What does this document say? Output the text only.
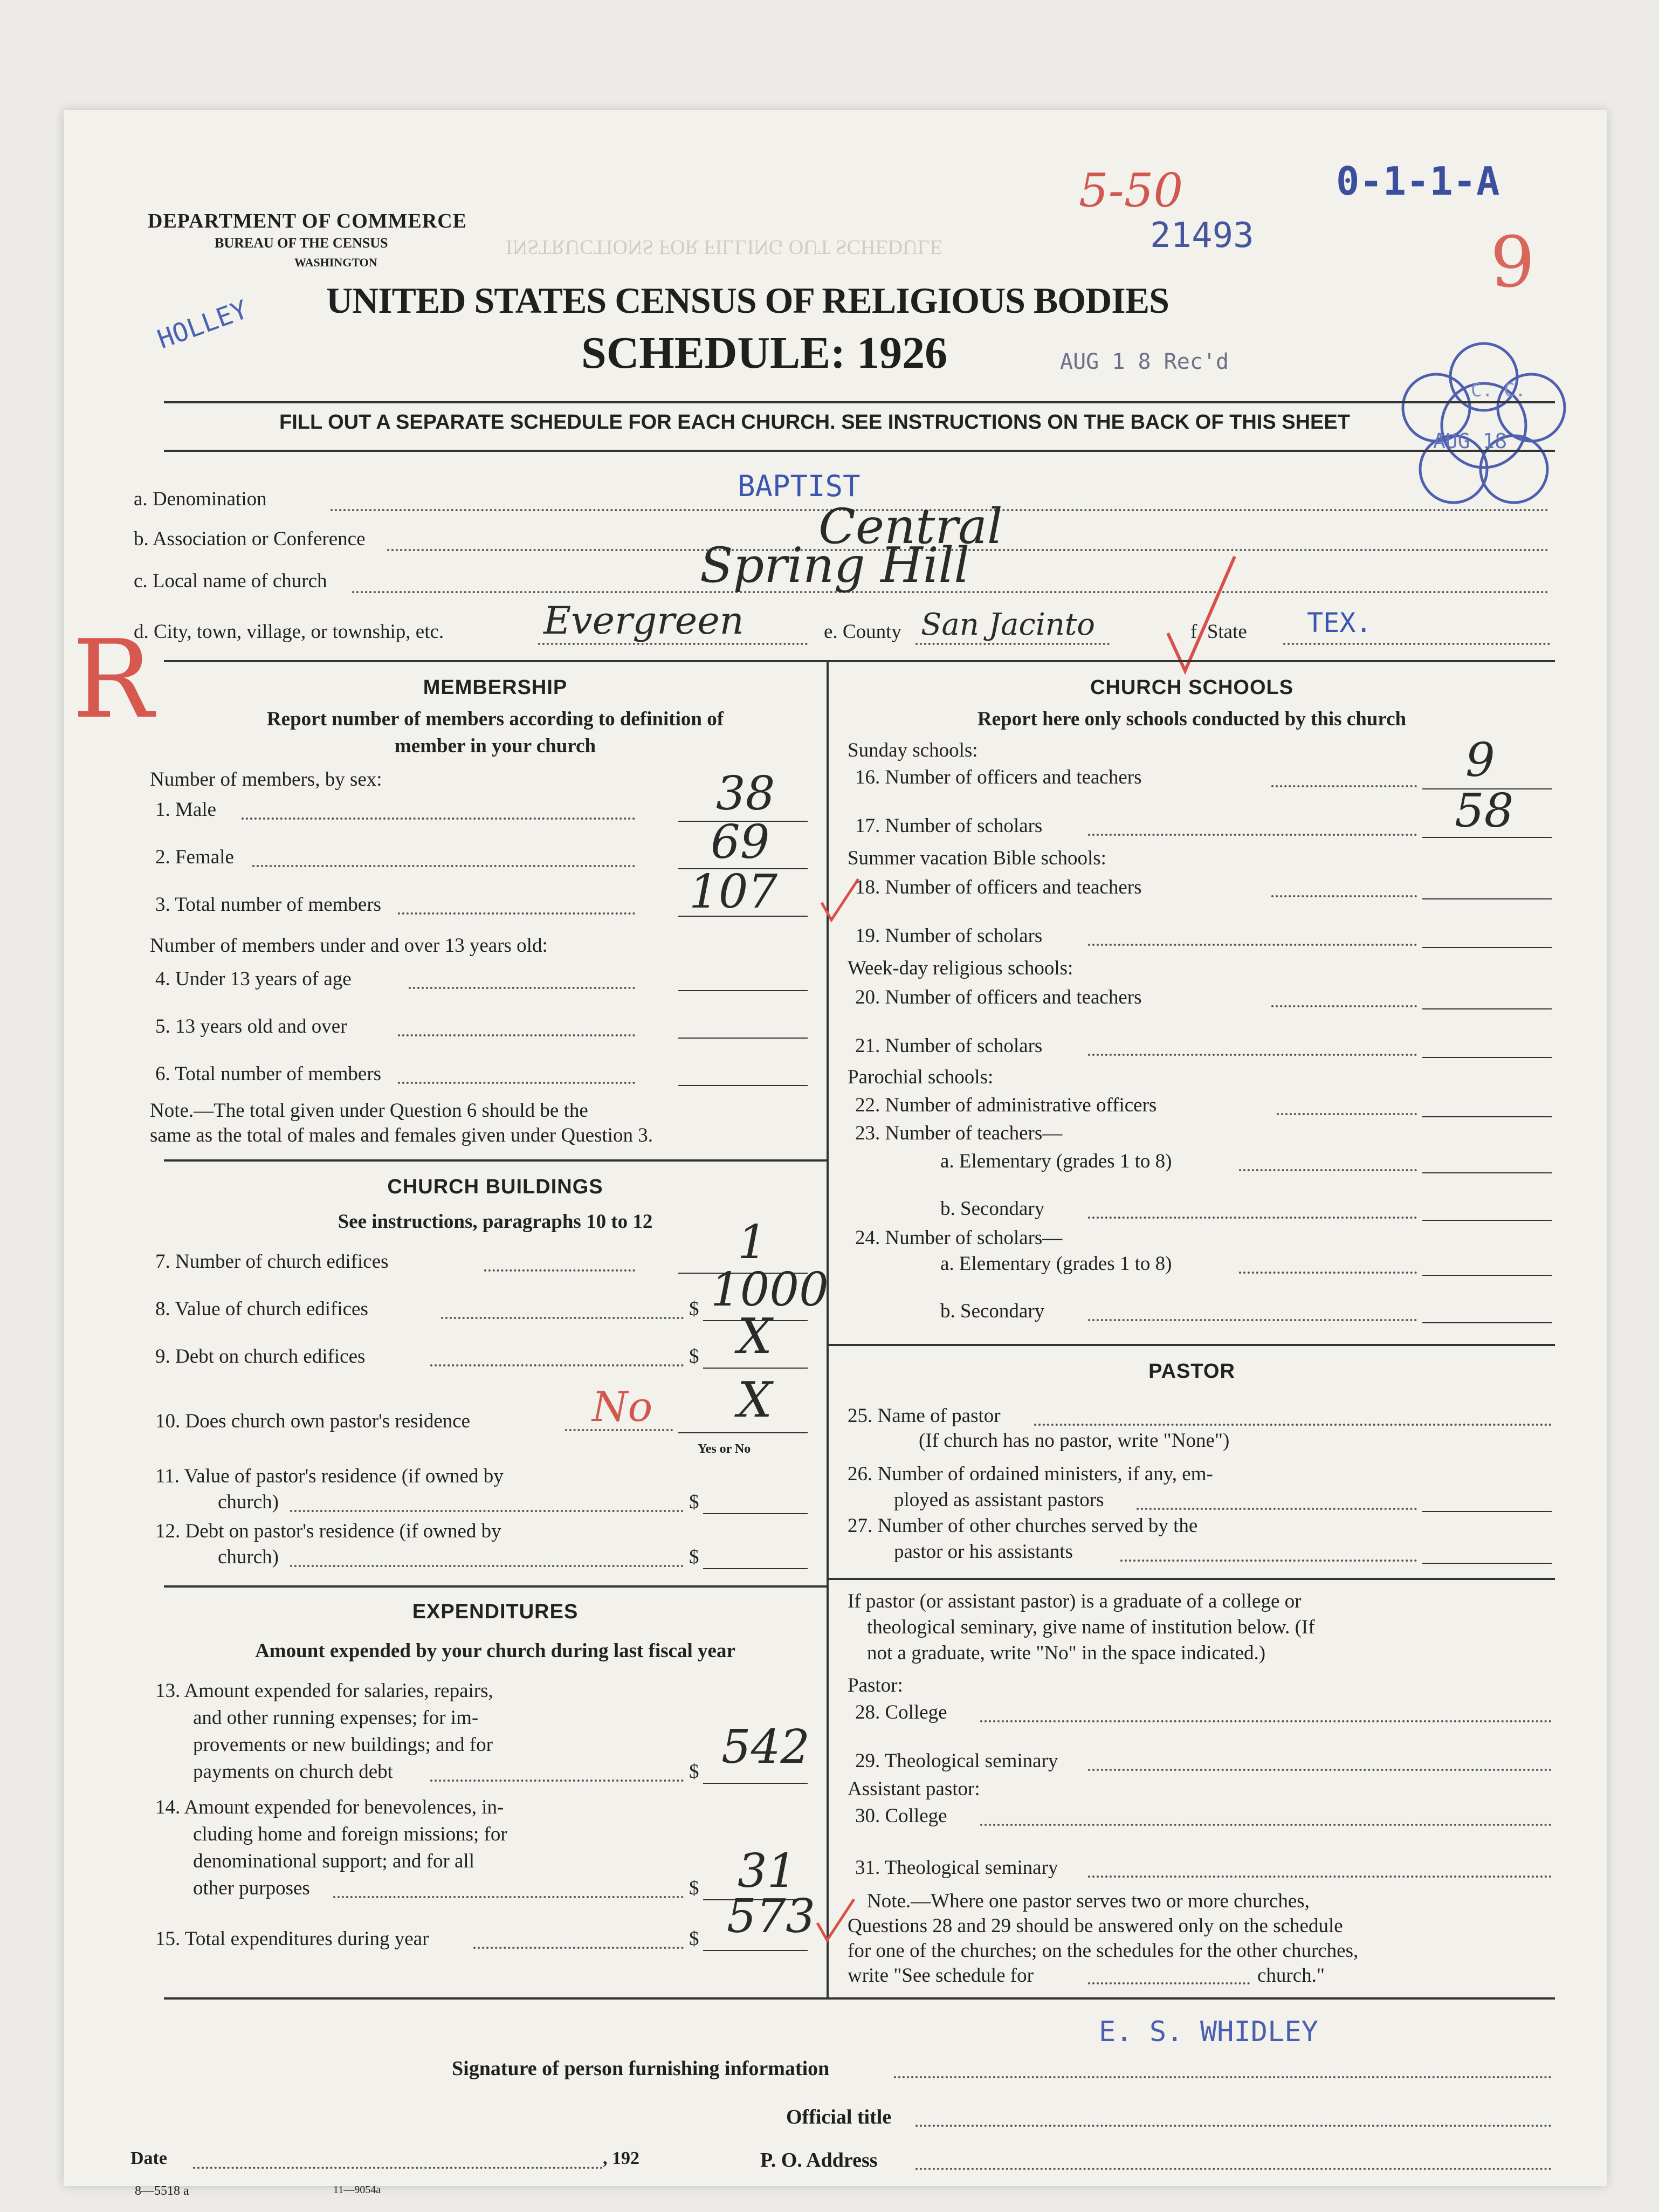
INSTRUCTIONS FOR FILLING OUT SCHEDULE
DEPARTMENT OF COMMERCE
BUREAU OF THE CENSUS
WASHINGTON
UNITED STATES CENSUS OF RELIGIOUS BODIES
SCHEDULE: 1926	AUG 1 8 Rec'd
FILL OUT A SEPARATE SCHEDULE FOR EACH CHURCH. SEE INSTRUCTIONS ON THE BACK OF THIS SHEET
5-50
21493
0-1-1-A
9
C. C.
AUG 18
HOLLEY
R
a. Denomination	BAPTIST
b. Association or Conference	Central
c. Local name of church	Spring Hill
d. City, town, village, or township, etc.	Evergreen	e. County San Jacinto	f. State TEX.
MEMBERSHIP
Report number of members according to definition of
member in your church
Number of members, by sex:
1. Male	38
2. Female	69
3. Total number of members	107
Number of members under and over 13 years old:
4. Under 13 years of age
5. 13 years old and over
6. Total number of members
Note.—The total given under Question 6 should be the
same as the total of males and females given under Question 3.
CHURCH BUILDINGS
See instructions, paragraphs 10 to 12
7. Number of church edifices	1
8. Value of church edifices	$ 1000
9. Debt on church edifices	$ X
10. Does church own pastor's residence	No X
Yes or No
11. Value of pastor's residence (if owned by
church)	$
12. Debt on pastor's residence (if owned by
church)	$
EXPENDITURES
Amount expended by your church during last fiscal year
13. Amount expended for salaries, repairs,
and other running expenses; for im-
provements or new buildings; and for
payments on church debt	$ 542
14. Amount expended for benevolences, in-
cluding home and foreign missions; for
denominational support; and for all
other purposes	$ 31
15. Total expenditures during year	$ 573
CHURCH SCHOOLS
Report here only schools conducted by this church
Sunday schools:
16. Number of officers and teachers	9
17. Number of scholars	58
Summer vacation Bible schools:
18. Number of officers and teachers
19. Number of scholars
Week-day religious schools:
20. Number of officers and teachers
21. Number of scholars
Parochial schools:
22. Number of administrative officers
23. Number of teachers—
a. Elementary (grades 1 to 8)
b. Secondary
24. Number of scholars—
a. Elementary (grades 1 to 8)
b. Secondary
PASTOR
25. Name of pastor
(If church has no pastor, write "None")
26. Number of ordained ministers, if any, em-
ployed as assistant pastors
27. Number of other churches served by the
pastor or his assistants
If pastor (or assistant pastor) is a graduate of a college or
theological seminary, give name of institution below. (If
not a graduate, write "No" in the space indicated.)
Pastor:
28. College
29. Theological seminary
Assistant pastor:
30. College
31. Theological seminary
Note.—Where one pastor serves two or more churches,
Questions 28 and 29 should be answered only on the schedule
for one of the churches; on the schedules for the other churches,
write "See schedule for	church."
E. S. WHIDLEY
Signature of person furnishing information
Official title
Date	, 192	P. O. Address
8—5518 a	11—9054a
